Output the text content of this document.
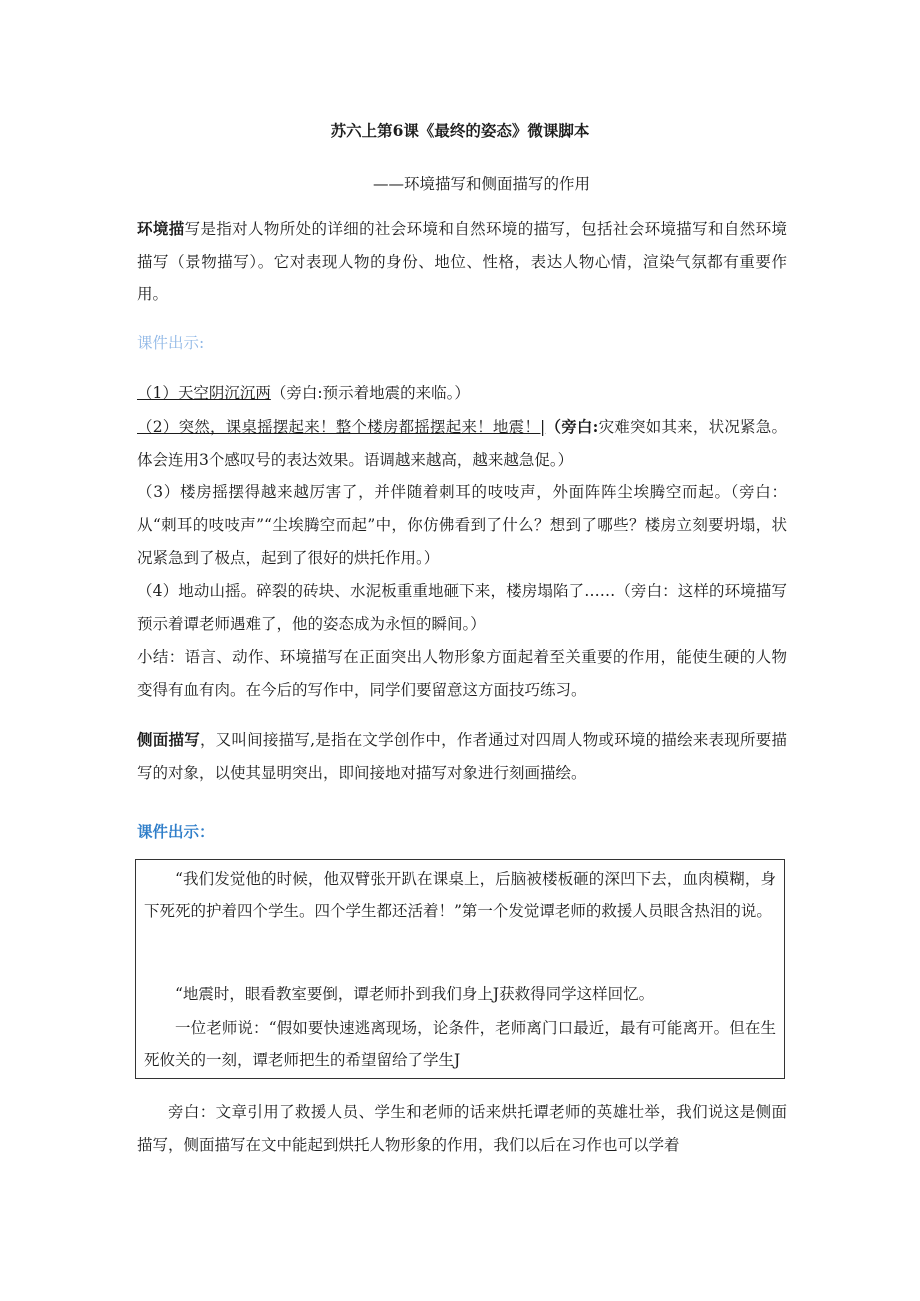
苏六上第6课《最终的姿态》微课脚本
——环境描写和侧面描写的作用

环境描写是指对人物所处的详细的社会环境和自然环境的描写，包括社会环境描写和自然环境描写（景物描写）。它对表现人物的身份、地位、性格，表达人物心情，渲染气氛都有重要作用。

课件出示:

（1）天空阴沉沉两（旁白:预示着地震的来临。）

（2）突然，课桌摇摆起来！整个楼房都摇摆起来！地震！|（旁白:灾难突如其来，状况紧急。体会连用3个感叹号的表达效果。语调越来越高，越来越急促。）

（3）楼房摇摆得越来越厉害了，并伴随着刺耳的吱吱声，外面阵阵尘埃腾空而起。（旁白：从“刺耳的吱吱声”“尘埃腾空而起”中，你仿佛看到了什么？想到了哪些？楼房立刻要坍塌，状况紧急到了极点，起到了很好的烘托作用。）

（4）地动山摇。碎裂的砖块、水泥板重重地砸下来，楼房塌陷了……（旁白：这样的环境描写预示着谭老师遇难了，他的姿态成为永恒的瞬间。）

小结：语言、动作、环境描写在正面突出人物形象方面起着至关重要的作用，能使生硬的人物变得有血有肉。在今后的写作中，同学们要留意这方面技巧练习。

侧面描写，又叫间接描写,是指在文学创作中，作者通过对四周人物或环境的描绘来表现所要描写的对象，以使其显明突出，即间接地对描写对象进行刻画描绘。

课件出示：

“我们发觉他的时候，他双臂张开趴在课桌上，后脑被楼板砸的深凹下去，血肉模糊，身下死死的护着四个学生。四个学生都还活着！”第一个发觉谭老师的救援人员眼含热泪的说。

“地震时，眼看教室要倒，谭老师扑到我们身上J获救得同学这样回忆。

一位老师说：“假如要快速逃离现场，论条件，老师离门口最近，最有可能离开。但在生死攸关的一刻，谭老师把生的希望留给了学生J

旁白：文章引用了救援人员、学生和老师的话来烘托谭老师的英雄壮举，我们说这是侧面描写，侧面描写在文中能起到烘托人物形象的作用，我们以后在习作也可以学着
